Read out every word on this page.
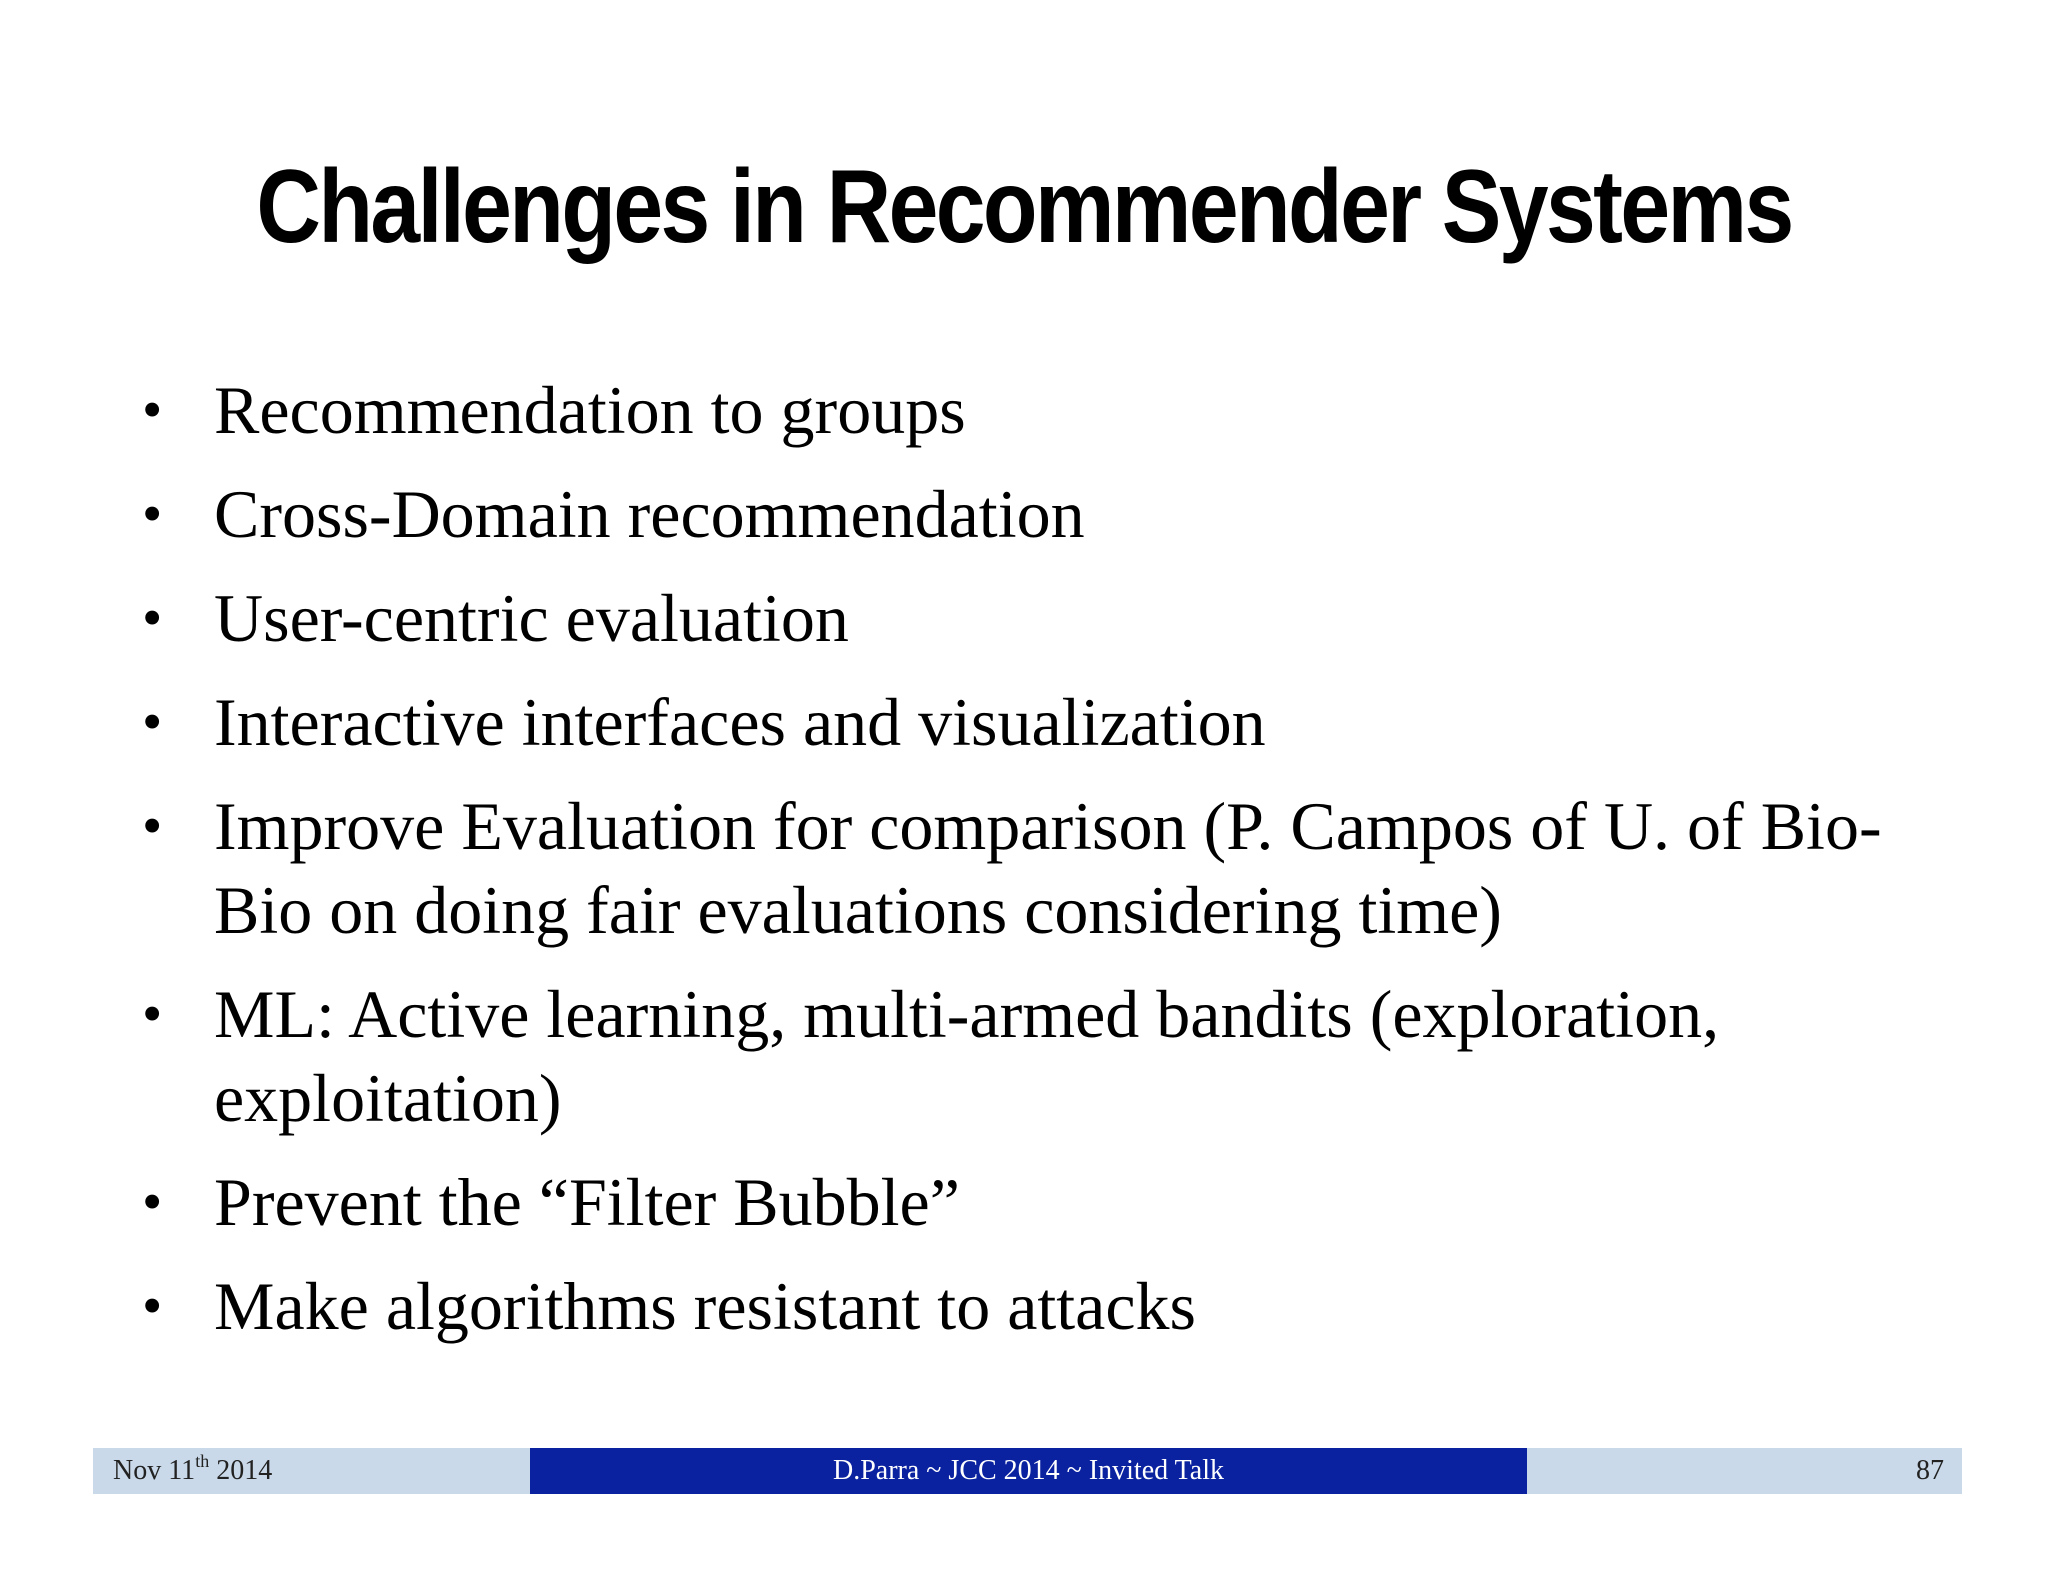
Challenges in Recommender Systems
• Recommendation to groups
• Cross-Domain recommendation
• User-centric evaluation
• Interactive interfaces and visualization
• Improve Evaluation for comparison (P. Campos of U. of Bio-Bio on doing fair evaluations considering time)
• ML: Active learning, multi-armed bandits (exploration, exploitation)
• Prevent the “Filter Bubble”
• Make algorithms resistant to attacks
Nov 11th 2014	D.Parra ~ JCC 2014 ~ Invited Talk	87
